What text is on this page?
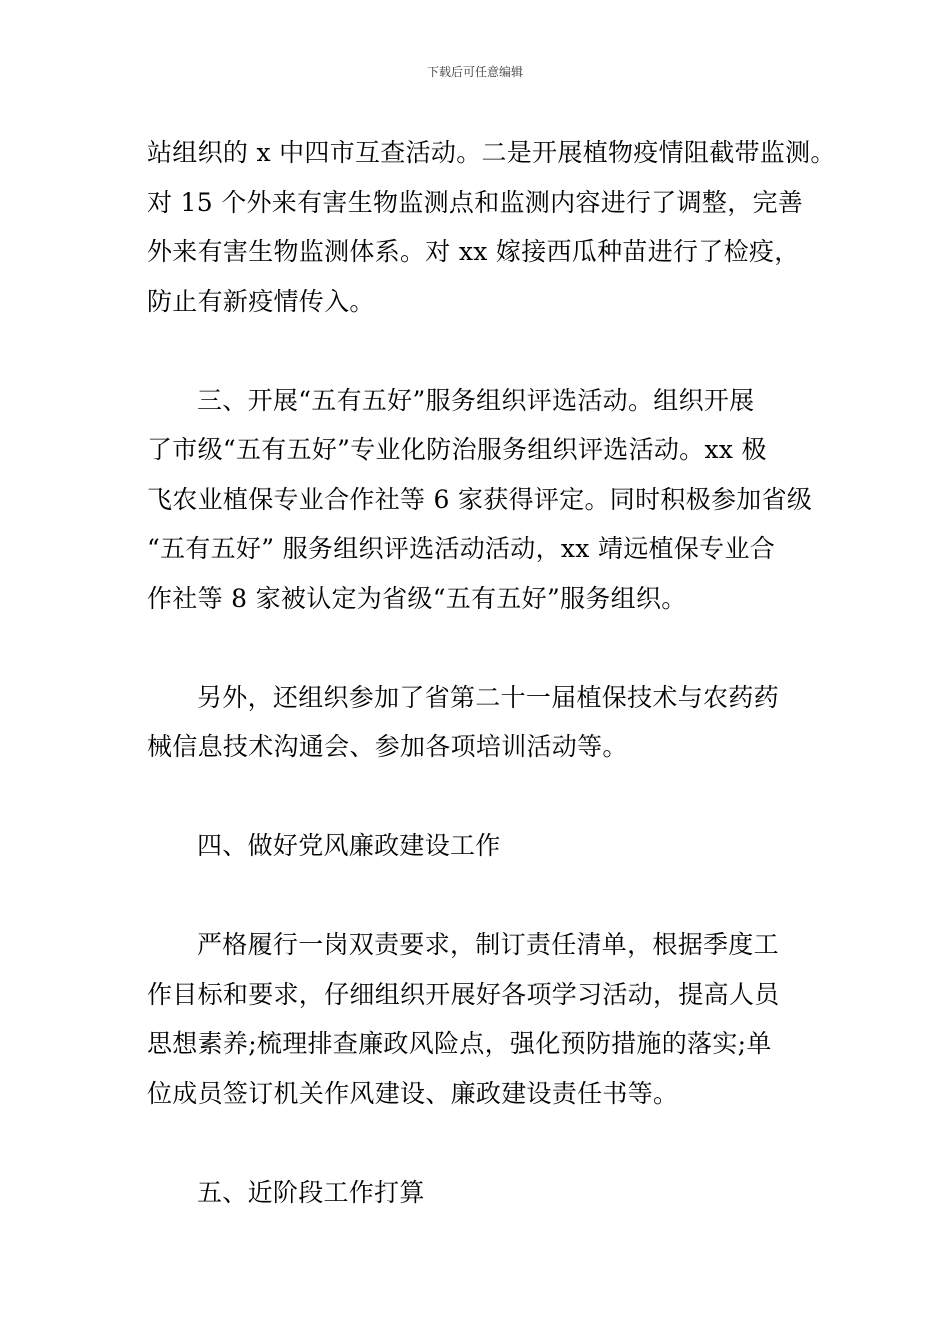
下载后可任意编辑
站组织的 x 中四市互查活动。二是开展植物疫情阻截带监测。
对 15 个外来有害生物监测点和监测内容进行了调整，完善
外来有害生物监测体系。对 xx 嫁接西瓜种苗进行了检疫，
防止有新疫情传入。
三、开展“五有五好”服务组织评选活动。组织开展
了市级“五有五好”专业化防治服务组织评选活动。xx 极
飞农业植保专业合作社等 6 家获得评定。同时积极参加省级
“五有五好” 服务组织评选活动活动，xx 靖远植保专业合
作社等 8 家被认定为省级“五有五好”服务组织。
另外，还组织参加了省第二十一届植保技术与农药药
械信息技术沟通会、参加各项培训活动等。
四、做好党风廉政建设工作
严格履行一岗双责要求，制订责任清单，根据季度工
作目标和要求，仔细组织开展好各项学习活动，提高人员
思想素养;梳理排查廉政风险点，强化预防措施的落实;单
位成员签订机关作风建设、廉政建设责任书等。
五、近阶段工作打算
